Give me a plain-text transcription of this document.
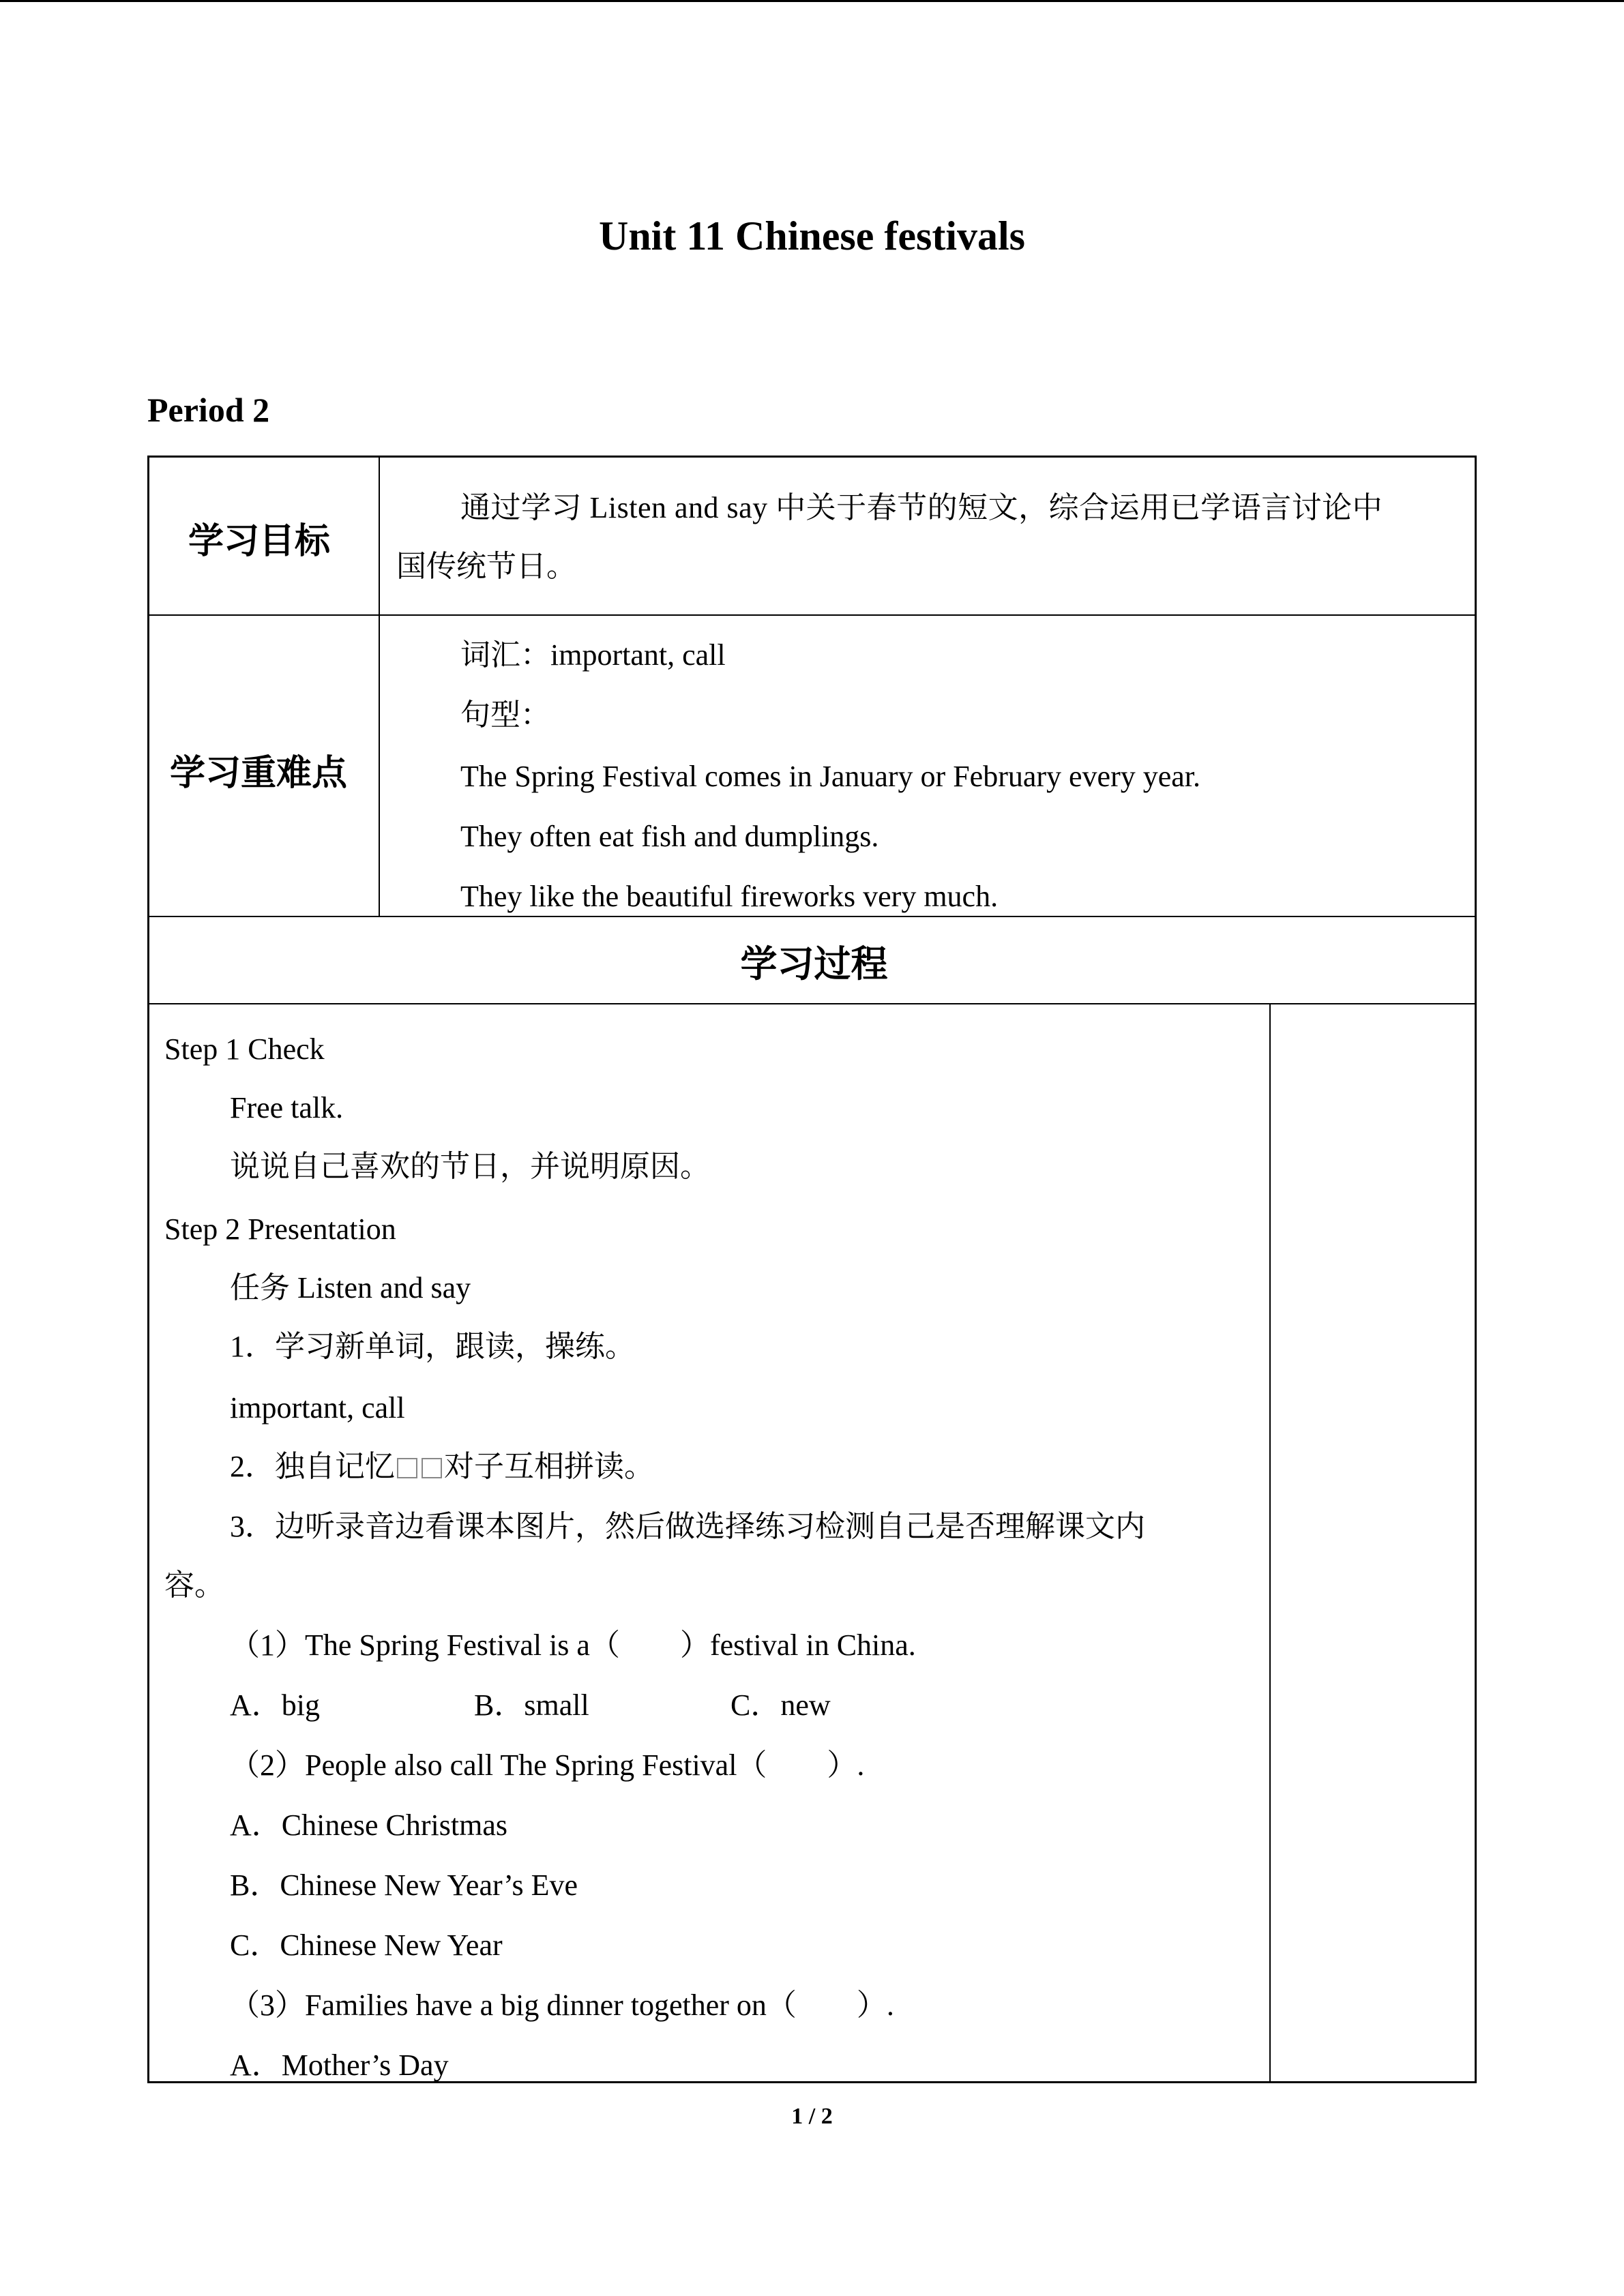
Unit 11 Chinese festivals
Period 2
学习目标
通过学习 Listen and say 中关于春节的短文，综合运用已学语言讨论中
国传统节日。
学习重难点
词汇：important, call
句型：
The Spring Festival comes in January or February every year.
They often eat fish and dumplings.
They like the beautiful fireworks very much.
学习过程
Step 1 Check
Free talk.
说说自己喜欢的节日，并说明原因。
Step 2 Presentation
任务 Listen and say
1．学习新单词，跟读，操练。
important, call
2．独自记忆 对子互相拼读。
3．边听录音边看课本图片，然后做选择练习检测自己是否理解课文内
容。
（1）The Spring Festival is a（　　）festival in China.
A．big	B．small	C．new
（2）People also call The Spring Festival（　　）.
A．Chinese Christmas
B．Chinese New Year’s Eve
C．Chinese New Year
（3）Families have a big dinner together on（　　）.
A．Mother’s Day
1 / 2
